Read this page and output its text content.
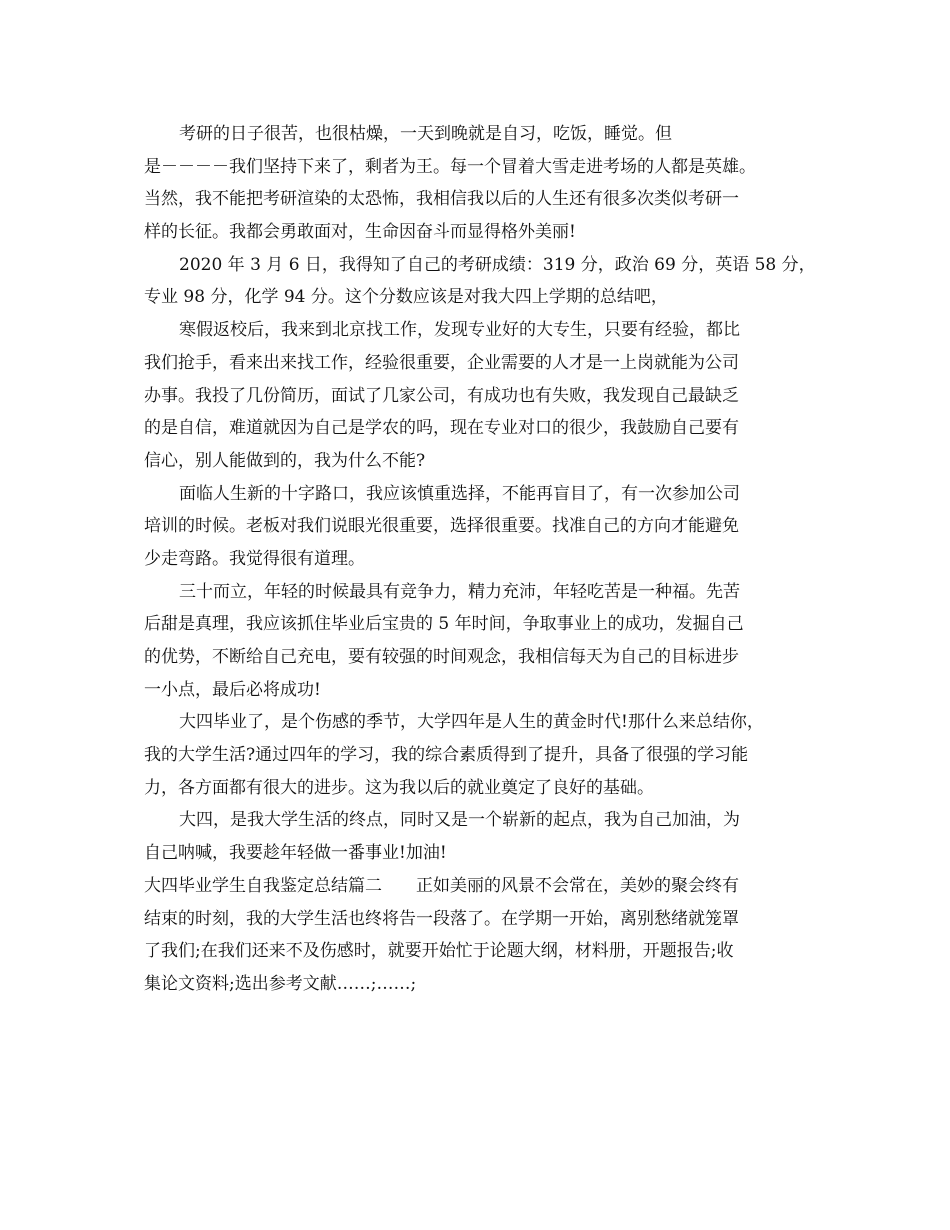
考研的日子很苦，也很枯燥，一天到晚就是自习，吃饭，睡觉。但
是－－－－我们坚持下来了，剩者为王。每一个冒着大雪走进考场的人都是英雄。
当然，我不能把考研渲染的太恐怖，我相信我以后的人生还有很多次类似考研一
样的长征。我都会勇敢面对，生命因奋斗而显得格外美丽!
2020 年 3 月 6 日，我得知了自己的考研成绩：319 分，政治 69 分，英语 58 分，
专业 98 分，化学 94 分。这个分数应该是对我大四上学期的总结吧，
寒假返校后，我来到北京找工作，发现专业好的大专生，只要有经验，都比
我们抢手，看来出来找工作，经验很重要，企业需要的人才是一上岗就能为公司
办事。我投了几份简历，面试了几家公司，有成功也有失败，我发现自己最缺乏
的是自信，难道就因为自己是学农的吗，现在专业对口的很少，我鼓励自己要有
信心，别人能做到的，我为什么不能?
面临人生新的十字路口，我应该慎重选择，不能再盲目了，有一次参加公司
培训的时候。老板对我们说眼光很重要，选择很重要。找准自己的方向才能避免
少走弯路。我觉得很有道理。
三十而立，年轻的时候最具有竞争力，精力充沛，年轻吃苦是一种福。先苦
后甜是真理，我应该抓住毕业后宝贵的 5 年时间，争取事业上的成功，发掘自己
的优势，不断给自己充电，要有较强的时间观念，我相信每天为自己的目标进步
一小点，最后必将成功!
大四毕业了，是个伤感的季节，大学四年是人生的黄金时代!那什么来总结你，
我的大学生活?通过四年的学习，我的综合素质得到了提升，具备了很强的学习能
力，各方面都有很大的进步。这为我以后的就业奠定了良好的基础。
大四，是我大学生活的终点，同时又是一个崭新的起点，我为自己加油，为
自己呐喊，我要趁年轻做一番事业!加油!
大四毕业学生自我鉴定总结篇二　　正如美丽的风景不会常在，美妙的聚会终有
结束的时刻，我的大学生活也终将告一段落了。在学期一开始，离别愁绪就笼罩
了我们;在我们还来不及伤感时，就要开始忙于论题大纲，材料册，开题报告;收
集论文资料;选出参考文献……;……;
